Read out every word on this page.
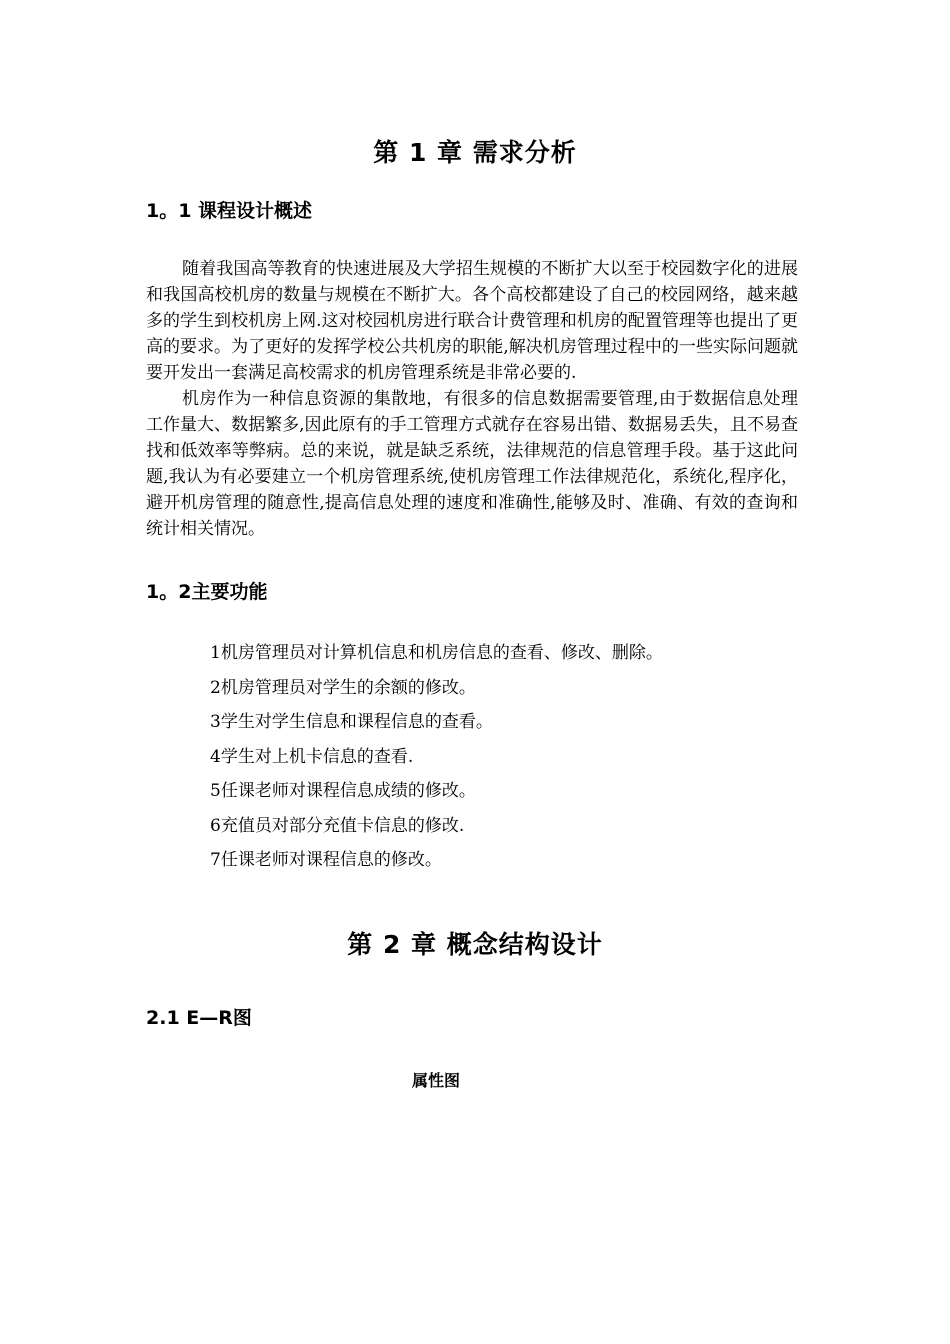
第 1 章 需求分析
1。1 课程设计概述

随着我国高等教育的快速进展及大学招生规模的不断扩大以至于校园数字化的进展和我国高校机房的数量与规模在不断扩大。各个高校都建设了自己的校园网络，越来越多的学生到校机房上网.这对校园机房进行联合计费管理和机房的配置管理等也提出了更高的要求。为了更好的发挥学校公共机房的职能,解决机房管理过程中的一些实际问题就要开发出一套满足高校需求的机房管理系统是非常必要的.

机房作为一种信息资源的集散地，有很多的信息数据需要管理,由于数据信息处理工作量大、数据繁多,因此原有的手工管理方式就存在容易出错、数据易丢失，且不易查找和低效率等弊病。总的来说，就是缺乏系统，法律规范的信息管理手段。基于这此问题,我认为有必要建立一个机房管理系统,使机房管理工作法律规范化，系统化,程序化，避开机房管理的随意性,提高信息处理的速度和准确性,能够及时、准确、有效的查询和统计相关情况。

1。2主要功能
1机房管理员对计算机信息和机房信息的查看、修改、删除。
2机房管理员对学生的余额的修改。
3学生对学生信息和课程信息的查看。
4学生对上机卡信息的查看.
5任课老师对课程信息成绩的修改。
6充值员对部分充值卡信息的修改.
7任课老师对课程信息的修改。
第 2 章 概念结构设计
2.1 E—R图

属性图
